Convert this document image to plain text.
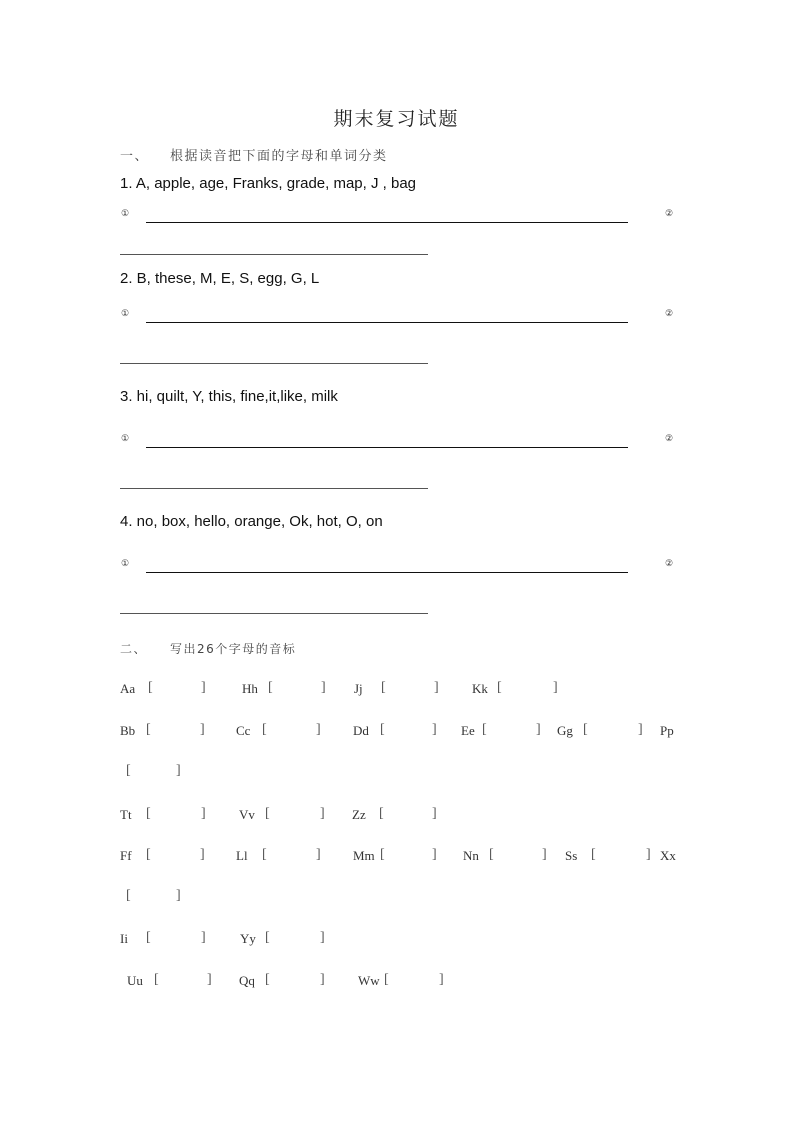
期末复习试题
一、 根据读音把下面的字母和单词分类
1. A, apple, age, Franks, grade, map, J , bag
①	②
2. B, these, M, E, S, egg, G, L
①	②
3. hi, quilt, Y, this, fine,it,like, milk
①	②
4. no, box, hello, orange, Ok, hot, O, on
①	②
二、 写出26个字母的音标
Aa [	]	Hh [	] Jj [	]	Kk [	]
Bb [	] Cc [	] Dd [	] Ee [	] Gg [	] Pp
[	]
Tt [	]	Vv [	] Zz [	]
Ff [	] Ll [	] Mm [	] Nn [	] Ss [	] Xx
[	]
Ii [	]	Yy [	]
Uu [	] Qq [	]	Ww [	]
